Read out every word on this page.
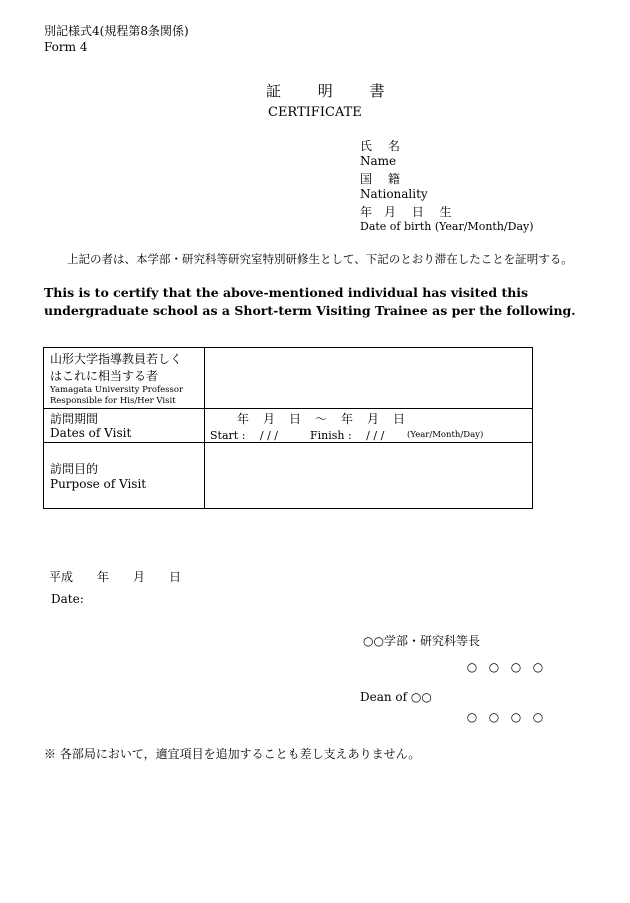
別記様式4(規程第8条関係)
Form 4
証 明 書
CERTIFICATE
氏　 名
Name
国　 籍
Nationality
年　月　 日　 生
Date of birth (Year/Month/Day)
　　上記の者は、本学部・研究科等研究室特別研修生として、下記のとおり滞在したことを証明する。
This is to certify that the above-mentioned individual has visited this undergraduate school as a Short-term Visiting Trainee as per the following.
山形大学指導教員若しく
はこれに相当する者
Yamagata University Professor
Responsible for His/Her Visit
訪問期間
Dates of Visit
年　月　日　～　年　月　日
Start :　 / / /	Finish :　 / / /	(Year/Month/Day)
訪問目的
Purpose of Visit
平成　　年　　月　　日
Date:
○○学部・研究科等長
○ ○ ○ ○
Dean of ○○
○ ○ ○ ○
※ 各部局において，適宜項目を追加することも差し支えありません。
